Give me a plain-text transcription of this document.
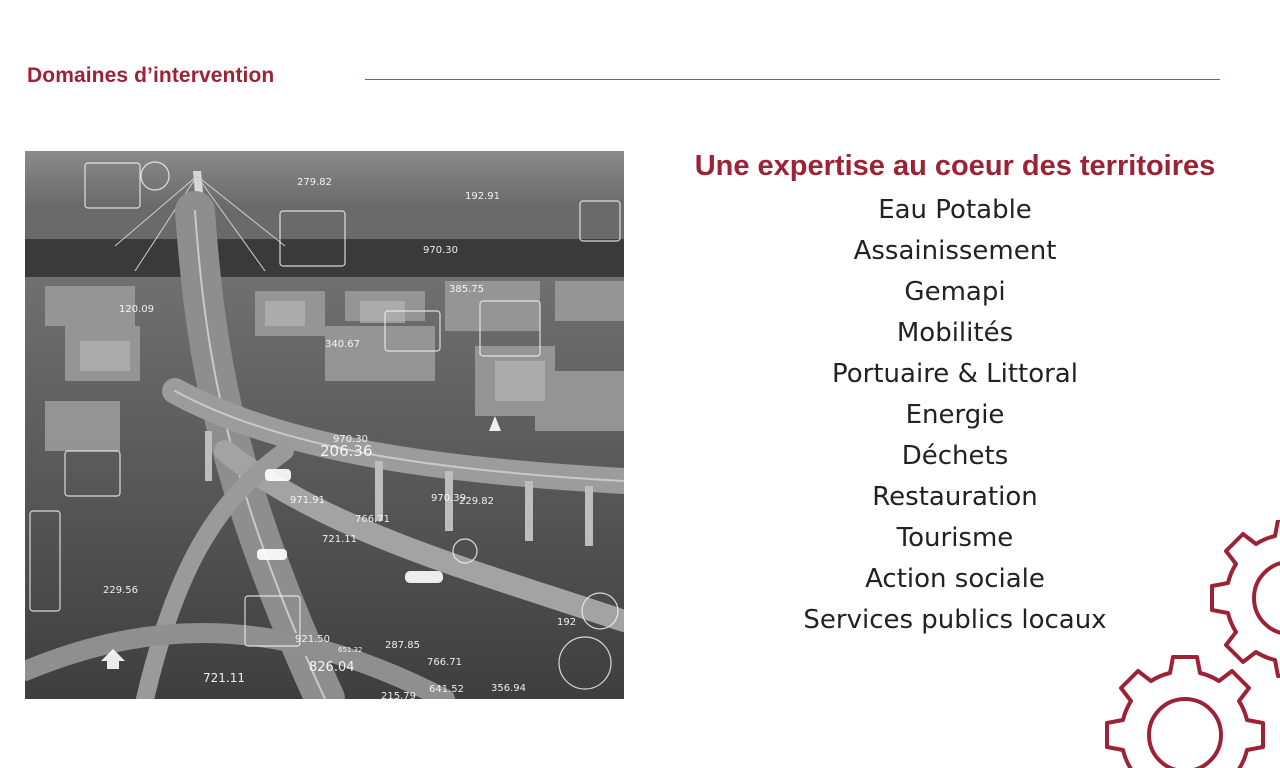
Domaines d’intervention
279.82
192.91
970.30
385.75
120.09
340.67
970.30
206.36
971.91	970.39
229.82
721.11
766.71
229.56
921.50
287.85
651.32
826.04	766.71
721.11
641.52	356.94
215.79
192
Une expertise au coeur des territoires
Eau Potable
Assainissement
Gemapi
Mobilités
Portuaire & Littoral
Energie
Déchets
Restauration
Tourisme
Action sociale
Services publics locaux
